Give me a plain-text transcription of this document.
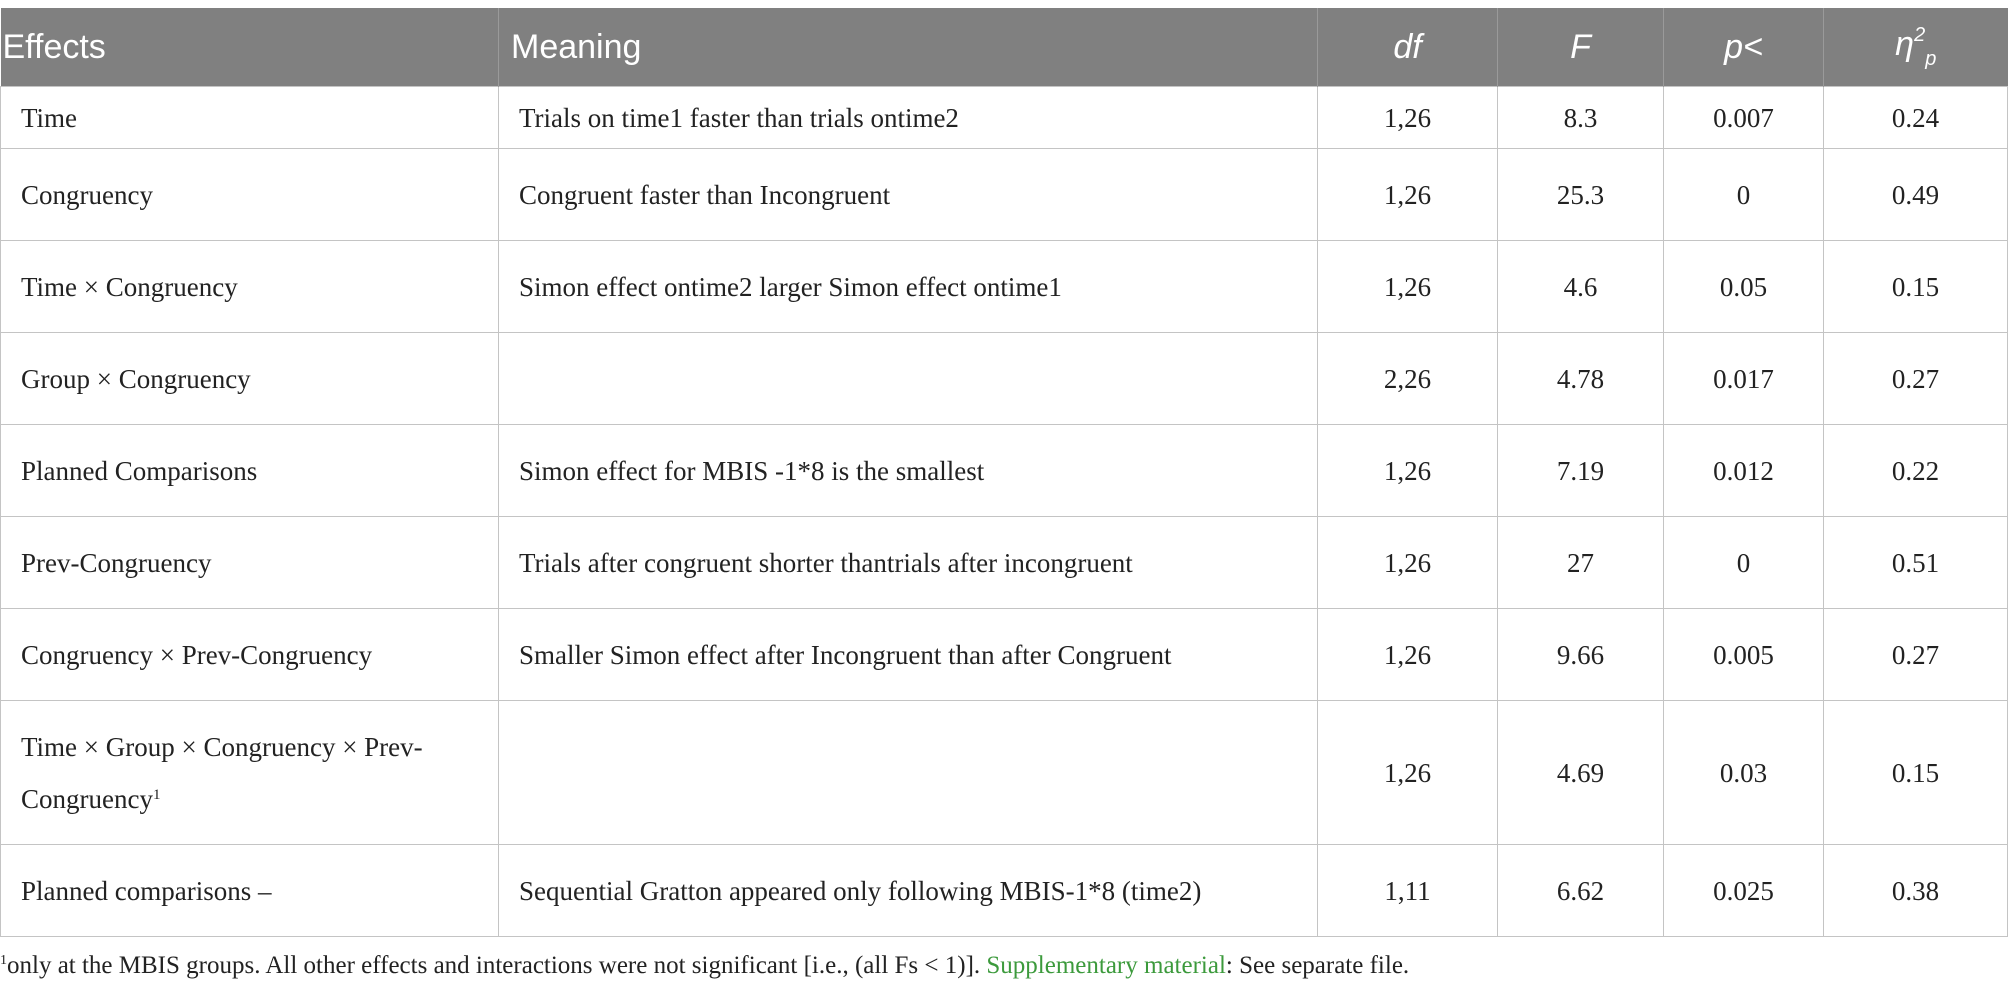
Effects	Meaning	df	F	p<	$\eta^2_p$
Time	Trials on time1 faster than trials ontime2	1,26	8.3	0.007	0.24
Congruency	Congruent faster than Incongruent	1,26	25.3	0	0.49
Time × Congruency	Simon effect ontime2 larger Simon effect ontime1	1,26	4.6	0.05	0.15
Group × Congruency		2,26	4.78	0.017	0.27
Planned Comparisons	Simon effect for MBIS -1*8 is the smallest	1,26	7.19	0.012	0.22
Prev-Congruency	Trials after congruent shorter thantrials after incongruent	1,26	27	0	0.51
Congruency × Prev-Congruency	Smaller Simon effect after Incongruent than after Congruent	1,26	9.66	0.005	0.27
Time × Group × Congruency × Prev-
Congruency$^1$		1,26	4.69	0.03	0.15
Planned comparisons –	Sequential Gratton appeared only following MBIS-1*8 (time2)	1,11	6.62	0.025	0.38
$^1$only at the MBIS groups. All other effects and interactions were not significant [i.e., (all Fs < 1)]. Supplementary material: See separate file.
